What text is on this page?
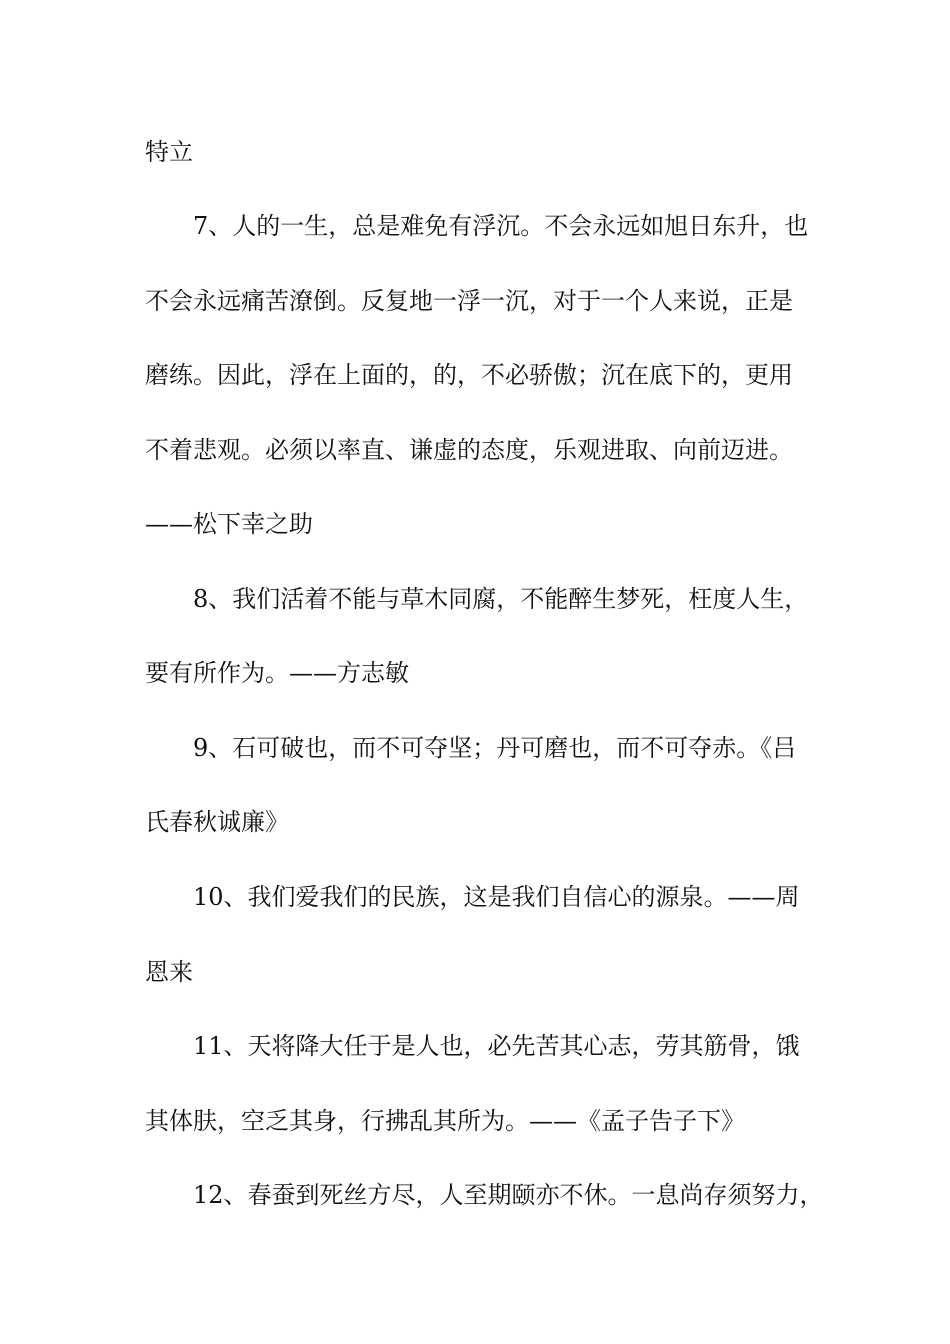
特立
7、人的一生，总是难免有浮沉。不会永远如旭日东升，也
不会永远痛苦潦倒。反复地一浮一沉，对于一个人来说，正是
磨练。因此，浮在上面的，的，不必骄傲；沉在底下的，更用
不着悲观。必须以率直、谦虚的态度，乐观进取、向前迈进。
——松下幸之助
8、我们活着不能与草木同腐，不能醉生梦死，枉度人生，
要有所作为。——方志敏
9、石可破也，而不可夺坚；丹可磨也，而不可夺赤。《吕
氏春秋诚廉》
10、我们爱我们的民族，这是我们自信心的源泉。——周
恩来
11、天将降大任于是人也，必先苦其心志，劳其筋骨，饿
其体肤，空乏其身，行拂乱其所为。——《孟子告子下》
12、春蚕到死丝方尽，人至期颐亦不休。一息尚存须努力，
